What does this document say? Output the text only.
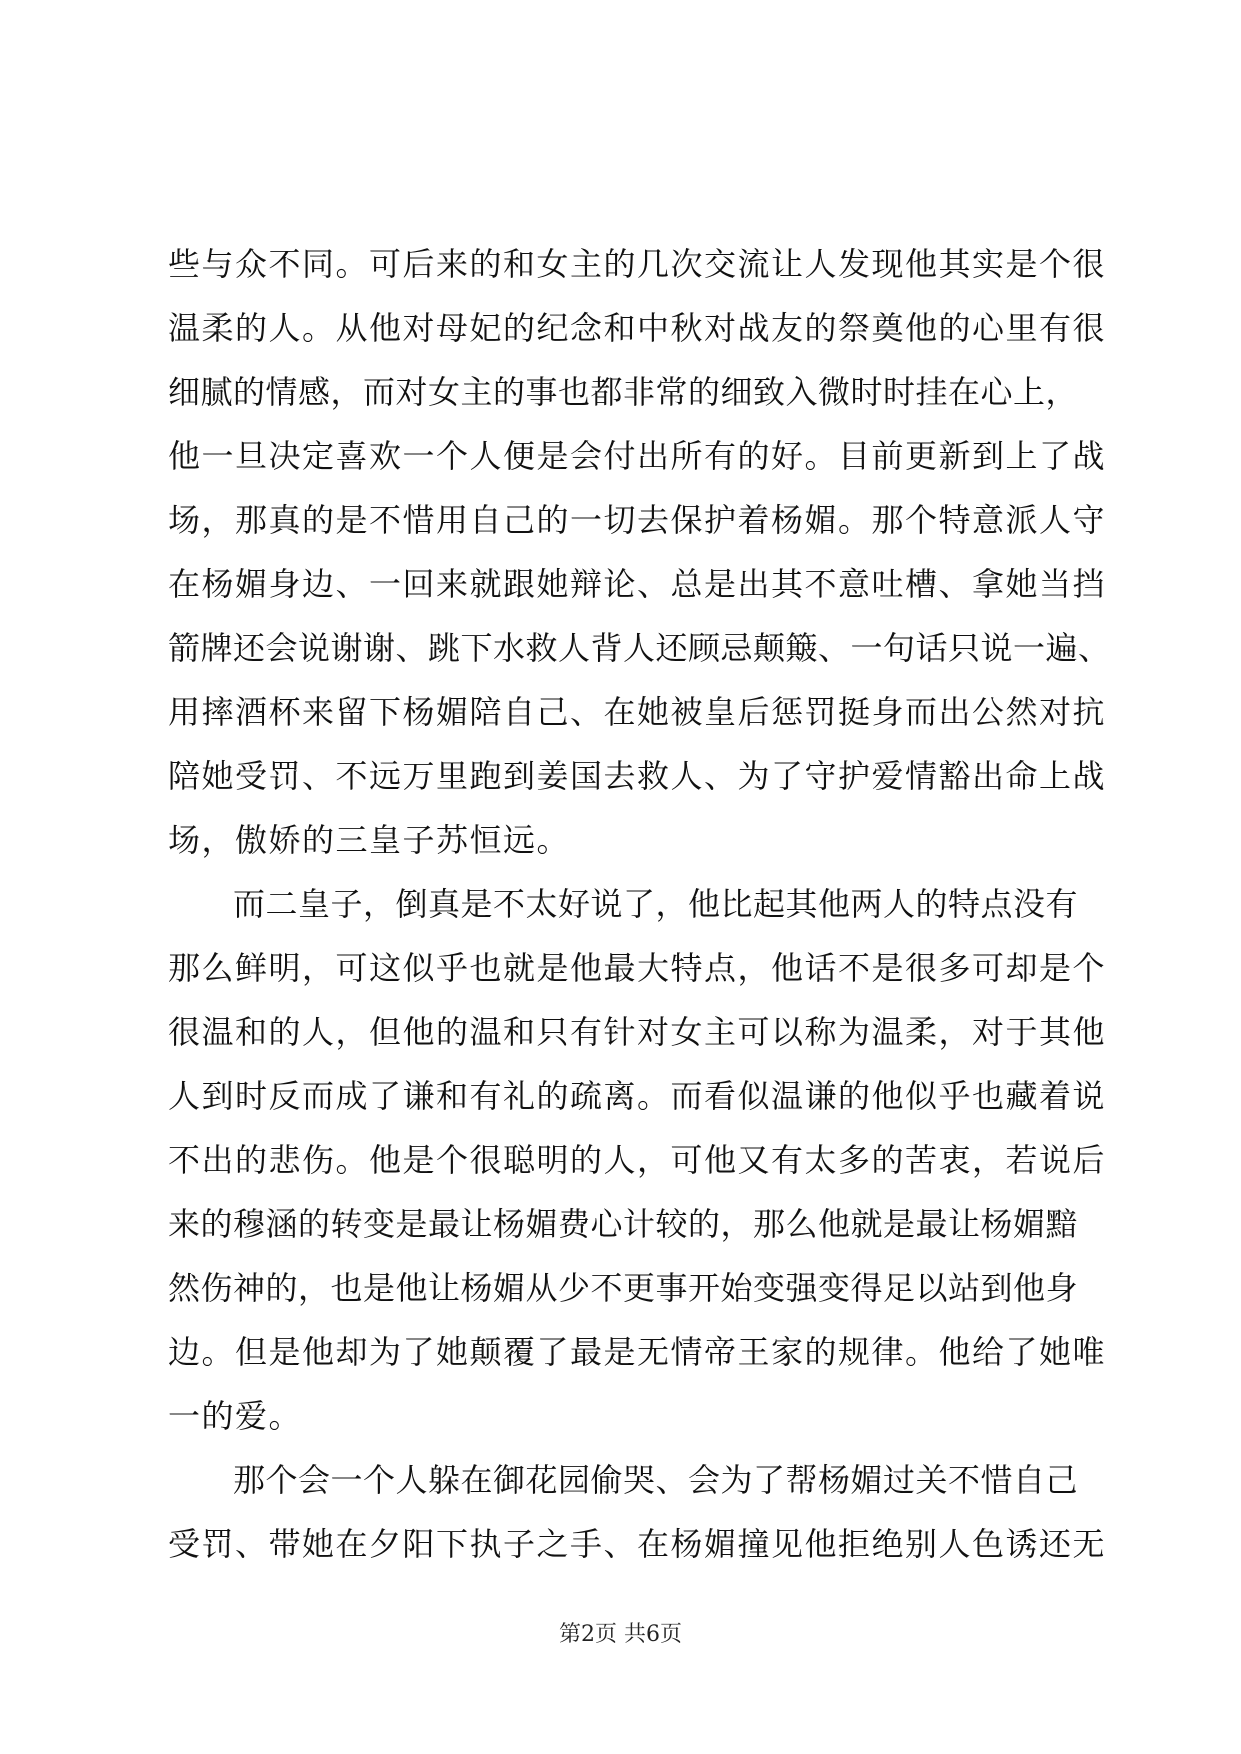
些与众不同。可后来的和女主的几次交流让人发现他其实是个很
温柔的人。从他对母妃的纪念和中秋对战友的祭奠他的心里有很
细腻的情感，而对女主的事也都非常的细致入微时时挂在心上，
他一旦决定喜欢一个人便是会付出所有的好。目前更新到上了战
场，那真的是不惜用自己的一切去保护着杨媚。那个特意派人守
在杨媚身边、一回来就跟她辩论、总是出其不意吐槽、拿她当挡
箭牌还会说谢谢、跳下水救人背人还顾忌颠簸、一句话只说一遍、
用摔酒杯来留下杨媚陪自己、在她被皇后惩罚挺身而出公然对抗
陪她受罚、不远万里跑到姜国去救人、为了守护爱情豁出命上战
场，傲娇的三皇子苏恒远。
　　而二皇子，倒真是不太好说了，他比起其他两人的特点没有
那么鲜明，可这似乎也就是他最大特点，他话不是很多可却是个
很温和的人，但他的温和只有针对女主可以称为温柔，对于其他
人到时反而成了谦和有礼的疏离。而看似温谦的他似乎也藏着说
不出的悲伤。他是个很聪明的人，可他又有太多的苦衷，若说后
来的穆涵的转变是最让杨媚费心计较的，那么他就是最让杨媚黯
然伤神的，也是他让杨媚从少不更事开始变强变得足以站到他身
边。但是他却为了她颠覆了最是无情帝王家的规律。他给了她唯
一的爱。
　　那个会一个人躲在御花园偷哭、会为了帮杨媚过关不惜自己
受罚、带她在夕阳下执子之手、在杨媚撞见他拒绝别人色诱还无
第2页 共6页
